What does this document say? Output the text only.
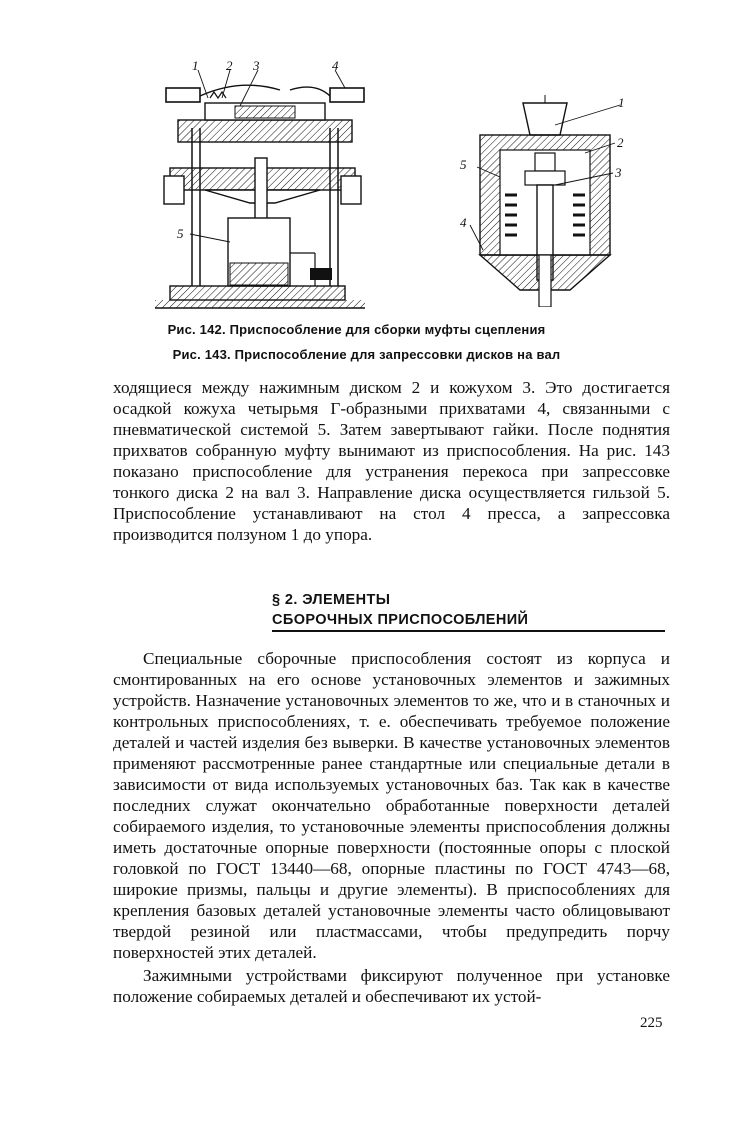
1 2 3	4
5
1
2
3
5
4
Рис. 142. Приспособление для сборки муфты сцепления
Рис. 143. Приспособление для запрессовки дисков на вал
ходящиеся между нажимным диском 2 и кожухом 3. Это достигается осадкой кожуха четырьмя Г-образными прихватами 4, связанными с пневматической системой 5. Затем завертывают гайки. После поднятия прихватов собранную муфту вынимают из приспособления. На рис. 143 показано приспособление для устранения перекоса при запрессовке тонкого диска 2 на вал 3. Направление диска осуществляется гильзой 5. Приспособление устанавливают на стол 4 пресса, а запрессовка производится ползуном 1 до упора.
§ 2. ЭЛЕМЕНТЫ
СБОРОЧНЫХ ПРИСПОСОБЛЕНИЙ
Специальные сборочные приспособления состоят из корпуса и смонтированных на его основе установочных элементов и зажимных устройств. Назначение установочных элементов то же, что и в станочных и контрольных приспособлениях, т. е. обеспечивать требуемое положение деталей и частей изделия без выверки. В качестве установочных элементов применяют рассмотренные ранее стандартные или специальные детали в зависимости от вида используемых установочных баз. Так как в качестве последних служат окончательно обработанные поверхности деталей собираемого изделия, то установочные элементы приспособления должны иметь достаточные опорные поверхности (постоянные опоры с плоской головкой по ГОСТ 13440—68, опорные пластины по ГОСТ 4743—68, широкие призмы, пальцы и другие элементы). В приспособлениях для крепления базовых деталей установочные элементы часто облицовывают твердой резиной или пластмассами, чтобы предупредить порчу поверхностей этих деталей.
Зажимными устройствами фиксируют полученное при установке положение собираемых деталей и обеспечивают их устой-
225
